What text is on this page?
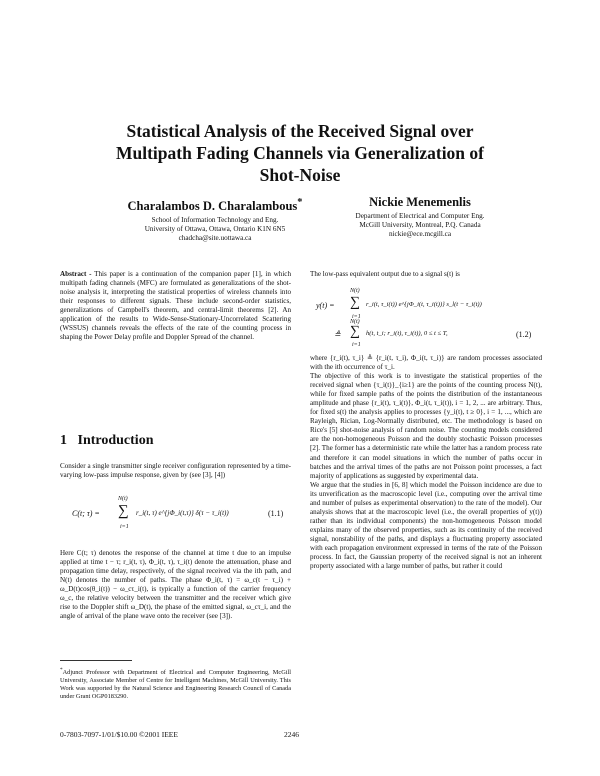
Statistical Analysis of the Received Signal over
Multipath Fading Channels via Generalization of
Shot-Noise
Charalambos D. Charalambous*
School of Information Technology and Eng.
University of Ottawa, Ottawa, Ontario K1N 6N5
chadcha@site.uottawa.ca
Nickie Menemenlis
Department of Electrical and Computer Eng.
McGill University, Montreal, P.Q. Canada
nickie@ece.mcgill.ca

Abstract - This paper is a continuation of the companion paper [1], in which multipath fading channels (MFC) are formulated as generalizations of the shot-noise analysis it, interpreting the statistical properties of wireless channels into their responses to different signals. These include second-order statistics, generalizations of Campbell's theorem, and central-limit theorems [2]. An application of the results to Wide-Sense-Stationary-Uncorrelated Scattering (WSSUS) channels reveals the effects of the rate of the counting process in shaping the Power Delay profile and Doppler Spread of the channel.

1 Introduction

Consider a single transmitter single receiver configuration represented by a time-varying low-pass impulse response, given by (see [3], [4])

C(t; τ) =
N(t)
∑
i=1
r_i(t, τ) e^{jΦ_i(t,τ)} δ(τ − τ_i(t))	(1.1)

Here C(t; τ) denotes the response of the channel at time t due to an impulse applied at time t − τ; r_i(t, τ), Φ_i(t, τ), τ_i(t) denote the attenuation, phase and propagation time delay, respectively, of the signal received via the ith path, and N(t) denotes the number of paths. The phase Φ_i(t, τ) = ω_c(t − τ_i) + ω_D(t)cos(θ_i(t)) − ω_cτ_i(t), is typically a function of the carrier frequency ω_c, the relative velocity between the transmitter and the receiver which give rise to the Doppler shift ω_D(t), the phase of the emitted signal, ω_cτ_i, and the angle of arrival of the plane wave onto the receiver (see [3]).

*Adjunct Professor with Department of Electrical and Computer Engineering, McGill University, Associate Member of Centre for Intelligent Machines, McGill University. This Work was supported by the Natural Science and Engineering Research Council of Canada under Grant OGP0183290.

The low-pass equivalent output due to a signal s(t) is

y(t) =
N(t)
∑
i=1
r_i(t, τ_i(t)) e^{jΦ_i(t, τ_i(t))} s_l(t − τ_i(t))
≜
N(t)
∑
i=1
h(t, t_i; r_i(t), τ_i(t)), 0 ≤ t ≤ T,	(1.2)

where {r_i(t), τ_i} ≜ {r_i(t, τ_i), Φ_i(t, τ_i)} are random processes associated with the ith occurrence of τ_i.

The objective of this work is to investigate the statistical properties of the received signal when {τ_i(t)}_{i≥1} are the points of the counting process N(t), while for fixed sample paths of the points the distribution of the instantaneous amplitude and phase {r_i(t), τ_i(t)}, Φ_i(t, τ_i(t)), i = 1, 2, ... are arbitrary. Thus, for fixed s(t) the analysis applies to processes {y_i(t), t ≥ 0}, i = 1, ..., which are Rayleigh, Rician, Log-Normally distributed, etc. The methodology is based on Rice's [5] shot-noise analysis of random noise. The counting models considered are the non-homogeneous Poisson and the doubly stochastic Poisson processes [2]. The former has a deterministic rate while the latter has a random process rate and therefore it can model situations in which the number of paths occur in batches and the arrival times of the paths are not Poisson point processes, a fact majority of applications as suggested by experimental data.

We argue that the studies in [6, 8] which model the Poisson incidence are due to its unverification as the macroscopic level (i.e., computing over the arrival time and number of pulses as experimental observation) to the rate of the model). Our analysis shows that at the macroscopic level (i.e., the overall properties of y(t)) rather than its individual components) the non-homogeneous Poisson model explains many of the observed properties, such as its continuity of the received signal, nonstability of the paths, and displays a fluctuating property associated with each propagation environment expressed in terms of the rate of the Poisson process. In fact, the Gaussian property of the received signal is not an inherent property associated with a large number of paths, but rather it could

0-7803-7097-1/01/$10.00 ©2001 IEEE	2246
